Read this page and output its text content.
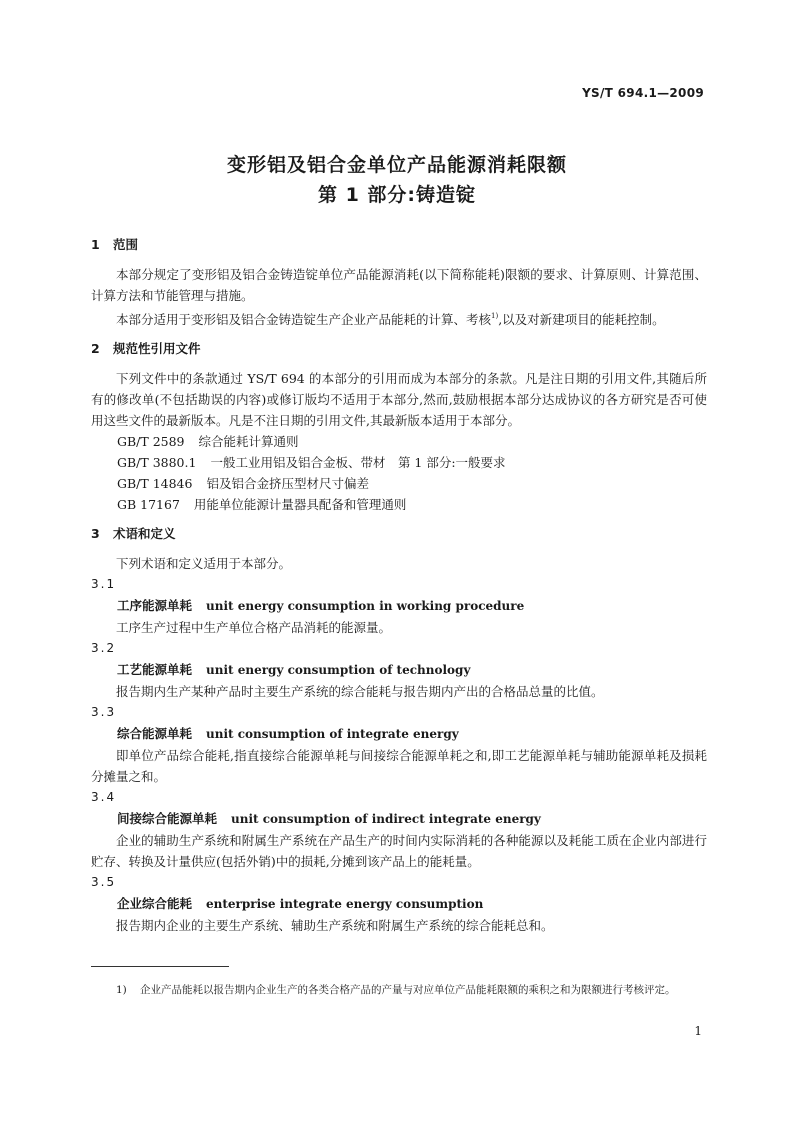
YS/T 694.1—2009
变形铝及铝合金单位产品能源消耗限额
第 1 部分:铸造锭
1 范围

本部分规定了变形铝及铝合金铸造锭单位产品能源消耗(以下简称能耗)限额的要求、计算原则、计算范围、计算方法和节能管理与措施。

本部分适用于变形铝及铝合金铸造锭生产企业产品能耗的计算、考核$^{1)}$,以及对新建项目的能耗控制。

2 规范性引用文件

下列文件中的条款通过 YS/T 694 的本部分的引用而成为本部分的条款。凡是注日期的引用文件,其随后所有的修改单(不包括勘误的内容)或修订版均不适用于本部分,然而,鼓励根据本部分达成协议的各方研究是否可使用这些文件的最新版本。凡是不注日期的引用文件,其最新版本适用于本部分。

GB/T 2589 综合能耗计算通则

GB/T 3880.1 一般工业用铝及铝合金板、带材　第 1 部分:一般要求

GB/T 14846 铝及铝合金挤压型材尺寸偏差

GB 17167 用能单位能源计量器具配备和管理通则

3 术语和定义

下列术语和定义适用于本部分。

3.1

工序能源单耗 unit energy consumption in working procedure

工序生产过程中生产单位合格产品消耗的能源量。

3.2

工艺能源单耗 unit energy consumption of technology

报告期内生产某种产品时主要生产系统的综合能耗与报告期内产出的合格品总量的比值。

3.3

综合能源单耗 unit consumption of integrate energy

即单位产品综合能耗,指直接综合能源单耗与间接综合能源单耗之和,即工艺能源单耗与辅助能源单耗及损耗分摊量之和。

3.4

间接综合能源单耗 unit consumption of indirect integrate energy

企业的辅助生产系统和附属生产系统在产品生产的时间内实际消耗的各种能源以及耗能工质在企业内部进行贮存、转换及计量供应(包括外销)中的损耗,分摊到该产品上的能耗量。

3.5

企业综合能耗 enterprise integrate energy consumption

报告期内企业的主要生产系统、辅助生产系统和附属生产系统的综合能耗总和。

1)	企业产品能耗以报告期内企业生产的各类合格产品的产量与对应单位产品能耗限额的乘积之和为限额进行考核评定。

1
